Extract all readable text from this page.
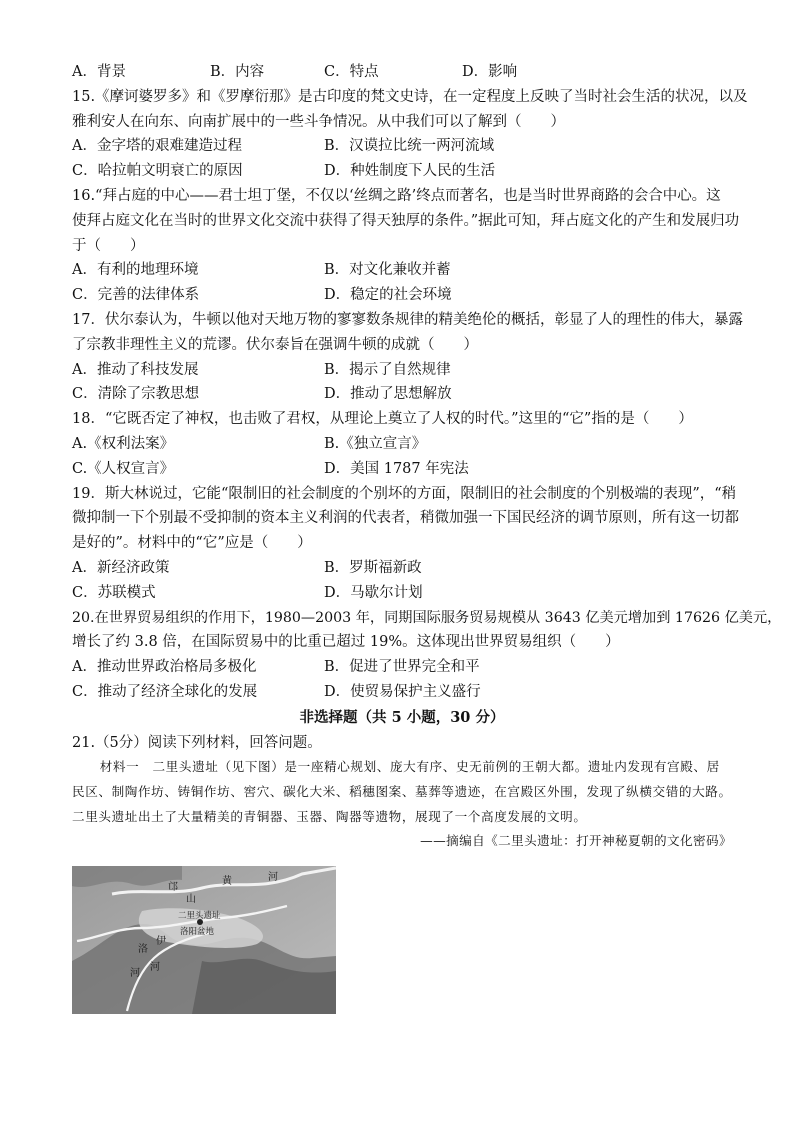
A．背景	B．内容	C．特点	D．影响

15.《摩诃婆罗多》和《罗摩衍那》是古印度的梵文史诗，在一定程度上反映了当时社会生活的状况，以及

雅利安人在向东、向南扩展中的一些斗争情况。从中我们可以了解到（　　）

A．金字塔的艰难建造过程	B．汉谟拉比统一两河流域
C．哈拉帕文明衰亡的原因	D．种姓制度下人民的生活

16.“拜占庭的中心——君士坦丁堡，不仅以‘丝绸之路’终点而著名，也是当时世界商路的会合中心。这

使拜占庭文化在当时的世界文化交流中获得了得天独厚的条件。”据此可知，拜占庭文化的产生和发展归功

于（　　）

A．有利的地理环境	B．对文化兼收并蓄
C．完善的法律体系	D．稳定的社会环境

17．伏尔泰认为，牛顿以他对天地万物的寥寥数条规律的精美绝伦的概括，彰显了人的理性的伟大，暴露

了宗教非理性主义的荒谬。伏尔泰旨在强调牛顿的成就（　　）

A．推动了科技发展	B．揭示了自然规律
C．清除了宗教思想	D．推动了思想解放

18．“它既否定了神权，也击败了君权，从理论上奠立了人权的时代。”这里的“它”指的是（　　）

A.《权利法案》	B.《独立宣言》
C.《人权宣言》	D．美国 1787 年宪法

19．斯大林说过，它能“限制旧的社会制度的个别坏的方面，限制旧的社会制度的个别极端的表现”，“稍

微抑制一下个别最不受抑制的资本主义利润的代表者，稍微加强一下国民经济的调节原则，所有这一切都

是好的”。材料中的“它”应是（　　）

A．新经济政策	B．罗斯福新政
C．苏联模式	D．马歇尔计划

20.在世界贸易组织的作用下，1980—2003 年，同期国际服务贸易规模从 3643 亿美元增加到 17626 亿美元，

增长了约 3.8 倍，在国际贸易中的比重已超过 19%。这体现出世界贸易组织（　　）

A．推动世界政治格局多极化	B．促进了世界完全和平
C．推动了经济全球化的发展	D．使贸易保护主义盛行
非选择题（共 5 小题，30 分）

21.（5分）阅读下列材料，回答问题。

材料一　二里头遗址（见下图）是一座精心规划、庞大有序、史无前例的王朝大都。遗址内发现有宫殿、居民区、制陶作坊、铸铜作坊、窖穴、碳化大米、稻穗图案、墓葬等遗迹，在宫殿区外围，发现了纵横交错的大路。二里头遗址出土了大量精美的青铜器、玉器、陶器等遗物，展现了一个高度发展的文明。

——摘编自《二里头遗址：打开神秘夏朝的文化密码》

黄	河
邙
山
二里头遗址
洛阳盆地
洛
河
伊
河
